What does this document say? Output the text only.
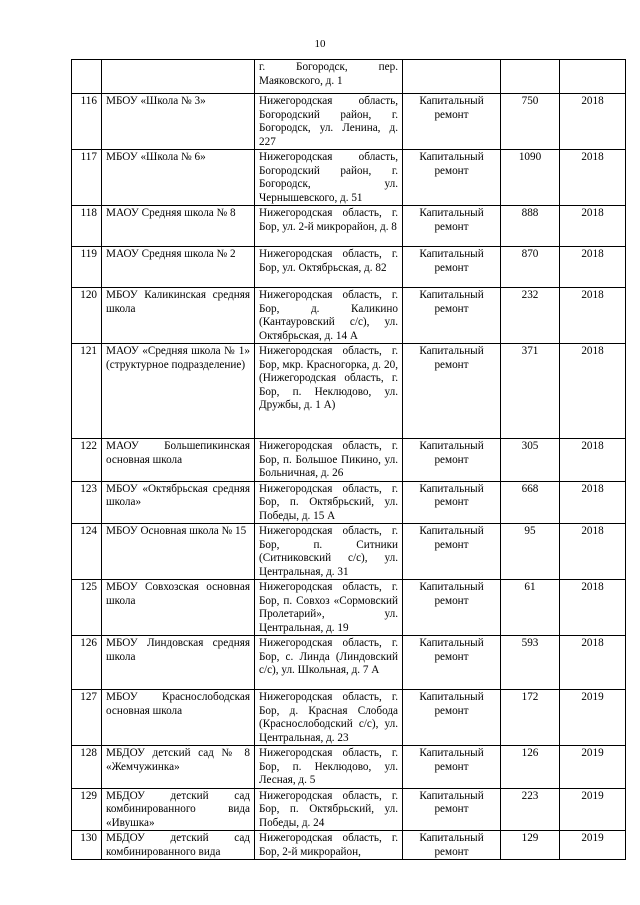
10
		г. Богородск, пер. Маяковского, д. 1			
116	МБОУ «Школа № 3»	Нижегородская область, Богородский район, г. Богородск, ул. Ленина, д. 227	Капитальный ремонт	750	2018
117	МБОУ «Школа № 6»	Нижегородская область, Богородский район, г. Богородск, ул. Чернышевского, д. 51	Капитальный ремонт	1090	2018
118	МАОУ Средняя школа № 8	Нижегородская область, г. Бор, ул. 2-й микрорайон, д. 8	Капитальный ремонт	888	2018
119	МАОУ Средняя школа № 2	Нижегородская область, г. Бор, ул. Октябрьская, д. 82	Капитальный ремонт	870	2018
120	МБОУ Каликинская средняя школа	Нижегородская область, г. Бор, д. Каликино (Кантауровский с/с), ул. Октябрьская, д. 14 А	Капитальный ремонт	232	2018
121	МАОУ «Средняя школа № 1» (структурное подразделение)	Нижегородская область, г. Бор, мкр. Красногорка, д. 20, (Нижегородская область, г. Бор, п. Неклюдово, ул. Дружбы, д. 1 А)	Капитальный ремонт	371	2018
122	МАОУ Большепикинская основная школа	Нижегородская область, г. Бор, п. Большое Пикино, ул. Больничная, д. 26	Капитальный ремонт	305	2018
123	МБОУ «Октябрьская средняя школа»	Нижегородская область, г. Бор, п. Октябрьский, ул. Победы, д. 15 А	Капитальный ремонт	668	2018
124	МБОУ Основная школа № 15	Нижегородская область, г. Бор, п. Ситники (Ситниковский с/с), ул. Центральная, д. 31	Капитальный ремонт	95	2018
125	МБОУ Совхозская основная школа	Нижегородская область, г. Бор, п. Совхоз «Сормовский Пролетарий», ул. Центральная, д. 19	Капитальный ремонт	61	2018
126	МБОУ Линдовская средняя школа	Нижегородская область, г. Бор, с. Линда (Линдовский с/с), ул. Школьная, д. 7 А	Капитальный ремонт	593	2018
127	МБОУ Краснослободская основная школа	Нижегородская область, г. Бор, д. Красная Слобода (Краснослободский с/с), ул. Центральная, д. 23	Капитальный ремонт	172	2019
128	МБДОУ детский сад № 8 «Жемчужинка»	Нижегородская область, г. Бор, п. Неклюдово, ул. Лесная, д. 5	Капитальный ремонт	126	2019
129	МБДОУ детский сад комбинированного вида «Ивушка»	Нижегородская область, г. Бор, п. Октябрьский, ул. Победы, д. 24	Капитальный ремонт	223	2019
130	МБДОУ детский сад комбинированного вида	Нижегородская область, г. Бор, 2-й микрорайон,	Капитальный ремонт	129	2019
